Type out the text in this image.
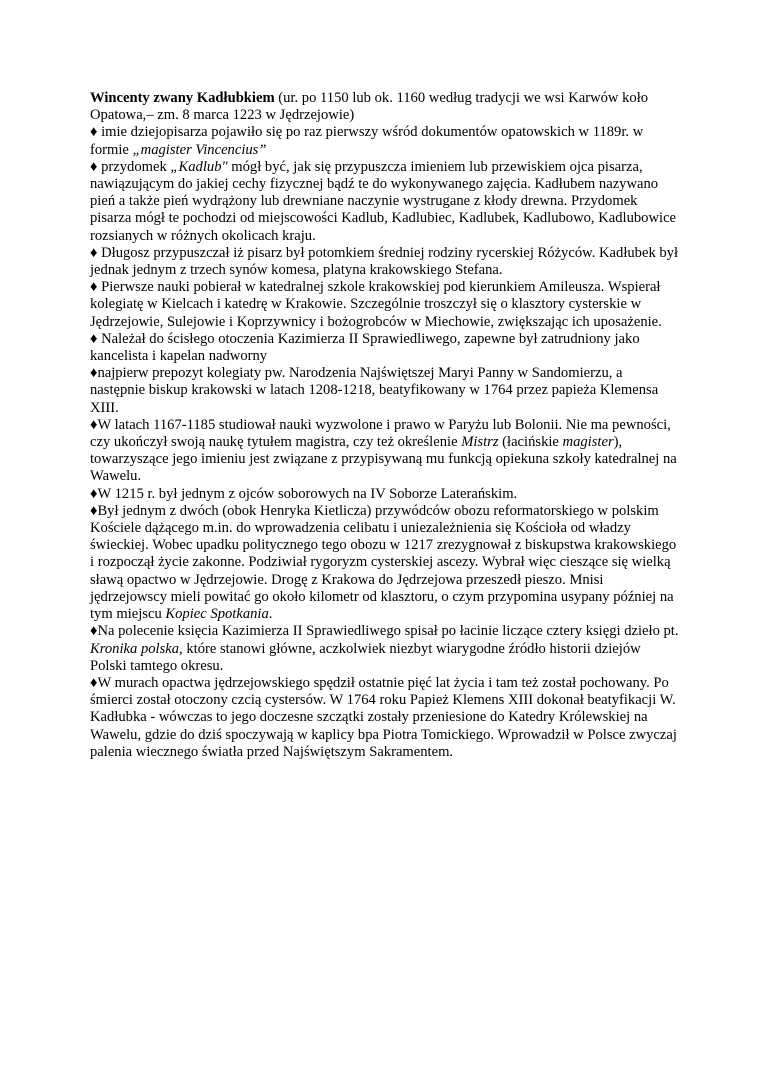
Wincenty zwany Kadłubkiem (ur. po 1150 lub ok. 1160 według tradycji we wsi Karwów koło Opatowa,– zm. 8 marca 1223 w Jędrzejowie)

♦ imie dziejopisarza pojawiło się po raz pierwszy wśród dokumentów opatowskich w 1189r. w formie „magister Vincencius”

♦ przydomek „Kadlub" mógł być, jak się przypuszcza imieniem lub przewiskiem ojca pisarza, nawiązującym do jakiej cechy fizycznej bądź te do wykonywanego zajęcia. Kadłubem nazywano pień a także pień wydrążony lub drewniane naczynie wystrugane z kłody drewna. Przydomek pisarza mógł te pochodzi od miejscowości Kadlub, Kadlubiec, Kadlubek, Kadlubowo, Kadlubowice rozsianych w różnych okolicach kraju.

♦ Długosz przypuszczał iż pisarz był potomkiem średniej rodziny rycerskiej Różyców. Kadłubek był jednak jednym z trzech synów komesa, platyna krakowskiego Stefana.

♦ Pierwsze nauki pobierał w katedralnej szkole krakowskiej pod kierunkiem Amileusza. Wspierał kolegiatę w Kielcach i katedrę w Krakowie. Szczególnie troszczył się o klasztory cysterskie w Jędrzejowie, Sulejowie i Koprzywnicy i bożogrobców w Miechowie, zwiększając ich uposażenie.

♦ Należał do ścisłego otoczenia Kazimierza II Sprawiedliwego, zapewne był zatrudniony jako kancelista i kapelan nadworny

♦najpierw prepozyt kolegiaty pw. Narodzenia Najświętszej Maryi Panny w Sandomierzu, a następnie biskup krakowski w latach 1208-1218, beatyfikowany w 1764 przez papieża Klemensa XIII.

♦W latach 1167-1185 studiował nauki wyzwolone i prawo w Paryżu lub Bolonii. Nie ma pewności, czy ukończył swoją naukę tytułem magistra, czy też określenie Mistrz (łacińskie magister), towarzyszące jego imieniu jest związane z przypisywaną mu funkcją opiekuna szkoły katedralnej na Wawelu.

♦W 1215 r. był jednym z ojców soborowych na IV Soborze Laterańskim.

♦Był jednym z dwóch (obok Henryka Kietlicza) przywódców obozu reformatorskiego w polskim Kościele dążącego m.in. do wprowadzenia celibatu i uniezależnienia się Kościoła od władzy świeckiej. Wobec upadku politycznego tego obozu w 1217 zrezygnował z biskupstwa krakowskiego i rozpoczął życie zakonne. Podziwiał rygoryzm cysterskiej ascezy. Wybrał więc cieszące się wielką sławą opactwo w Jędrzejowie. Drogę z Krakowa do Jędrzejowa przeszedł pieszo. Mnisi jędrzejowscy mieli powitać go około kilometr od klasztoru, o czym przypomina usypany później na tym miejscu Kopiec Spotkania.

♦Na polecenie księcia Kazimierza II Sprawiedliwego spisał po łacinie liczące cztery księgi dzieło pt. Kronika polska, które stanowi główne, aczkolwiek niezbyt wiarygodne źródło historii dziejów Polski tamtego okresu.

♦W murach opactwa jędrzejowskiego spędził ostatnie pięć lat życia i tam też został pochowany. Po śmierci został otoczony czcią cystersów. W 1764 roku Papież Klemens XIII dokonał beatyfikacji W. Kadłubka - wówczas to jego doczesne szczątki zostały przeniesione do Katedry Królewskiej na Wawelu, gdzie do dziś spoczywają w kaplicy bpa Piotra Tomickiego. Wprowadził w Polsce zwyczaj palenia wiecznego światła przed Najświętszym Sakramentem.
